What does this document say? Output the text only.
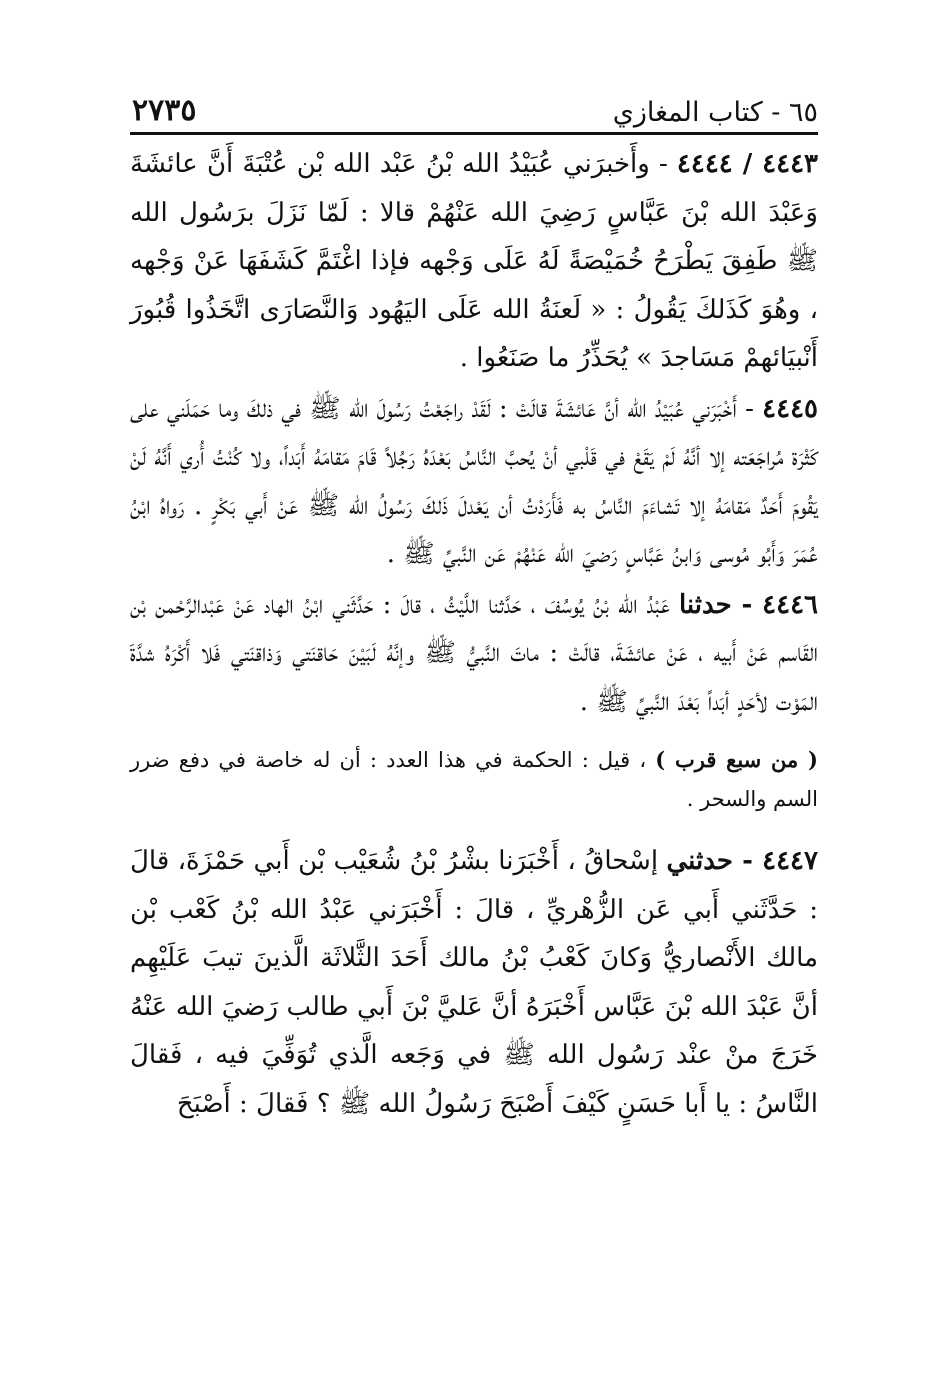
٢٧٣٥	٦٥ - كتاب المغازي

٤٤٤٣ / ٤٤٤٤ - وأَخبرَني عُبَيْدُ الله بْنُ عَبْد الله بْن عُتْبَةَ أَنَّ عائشَةَ وَعَبْدَ الله بْنَ عَبَّاسٍ رَضِيَ الله عَنْهُمْ قالا : لَمّا نَزَلَ برَسُول الله ﷺ طَفِقَ يَطْرَحُ خُمَيْصَةً لَهُ عَلَى وَجْهه فإذا اغْتَمَّ كَشَفَهَا عَنْ وَجْهه ، وهُوَ كَذَلكَ يَقُولُ : « لَعنَةُ الله عَلَى اليَهُود وَالنَّصَارَى اتَّخَذُوا قُبُورَ أَنْبيَائهمْ مَسَاجدَ » يُحَذِّرُ ما صَنَعُوا .

٤٤٤٥ - أَخْبَرَني عُبَيْدُ الله أنَّ عَائشَةَ قالَتْ : لَقَدْ راجَعْتُ رَسُولَ الله ﷺ في ذلكَ وما حَمَلَني على كَثْرَة مُراجَعَته إلا أنَّهُ لَمْ يَقَعْ في قَلْبي أنْ يُحبَّ النَّاسُ بَعْدَهُ رَجُلاً قَامَ مَقامَهُ أَبَداً، ولا كُنْتُ أُري أَنَّهُ لَنْ يَقُومَ أَحَدٌ مَقامَهُ إلا تَشاءَمَ النَّاسُ به فَأَرَدْتُ أن يَعْدلَ ذَلكَ رَسُولُ الله ﷺ عَنْ أَبي بَكْرٍ . رَواهُ ابْنُ عُمَرَ وَأَبُو مُوسى وَابنُ عَبَّاسٍ رَضيَ الله عَنْهُمْ عَن النَّبيِّ ﷺ .

٤٤٤٦ - حدثنا عَبْدُ الله بْنُ يُوسُفَ ، حَدَّثنا اللَّيْثُ ، قالَ : حَدَّثَني ابْنُ الهاد عَنْ عَبْدالرَّحْمن بْن القَاسم عَنْ أَبيه ، عَنْ عائشَةَ، قالَتْ : ماتَ النَّبيُّ ﷺ وإنَّهُ لَبَيْنَ حَاقنَتي وَذاقنَتي فَلا أَكْرَهُ شدَّةَ المَوْت لأحَدٍ أبَداً بَعْدَ النَّبيِّ ﷺ .

( من سبع قرب ) ، قيل : الحكمة في هذا العدد : أن له خاصة في دفع ضرر السم والسحر .

٤٤٤٧ - حدثني إسْحاقُ ، أَخْبَرَنا بشْرُ بْنُ شُعَيْب بْن أَبي حَمْزَةَ، قالَ : حَدَّثَني أَبي عَن الزُّهْريِّ ، قالَ : أَخْبَرَني عَبْدُ الله بْنُ كَعْب بْن مالك الأَنْصاريُّ وَكانَ كَعْبُ بْنُ مالك أَحَدَ الثَّلاثَة الَّذينَ تيبَ عَلَيْهِم أنَّ عَبْدَ الله بْنَ عَبَّاس أَخْبَرَهُ أنَّ عَليَّ بْنَ أَبي طالب رَضيَ الله عَنْهُ خَرَجَ منْ عنْد رَسُول الله ﷺ في وَجَعه الَّذي تُوَفِّيَ فيه ، فَقالَ النَّاسُ : يا أَبا حَسَنٍ كَيْفَ أَصْبَحَ رَسُولُ الله ﷺ ؟ فَقالَ : أَصْبَحَ
